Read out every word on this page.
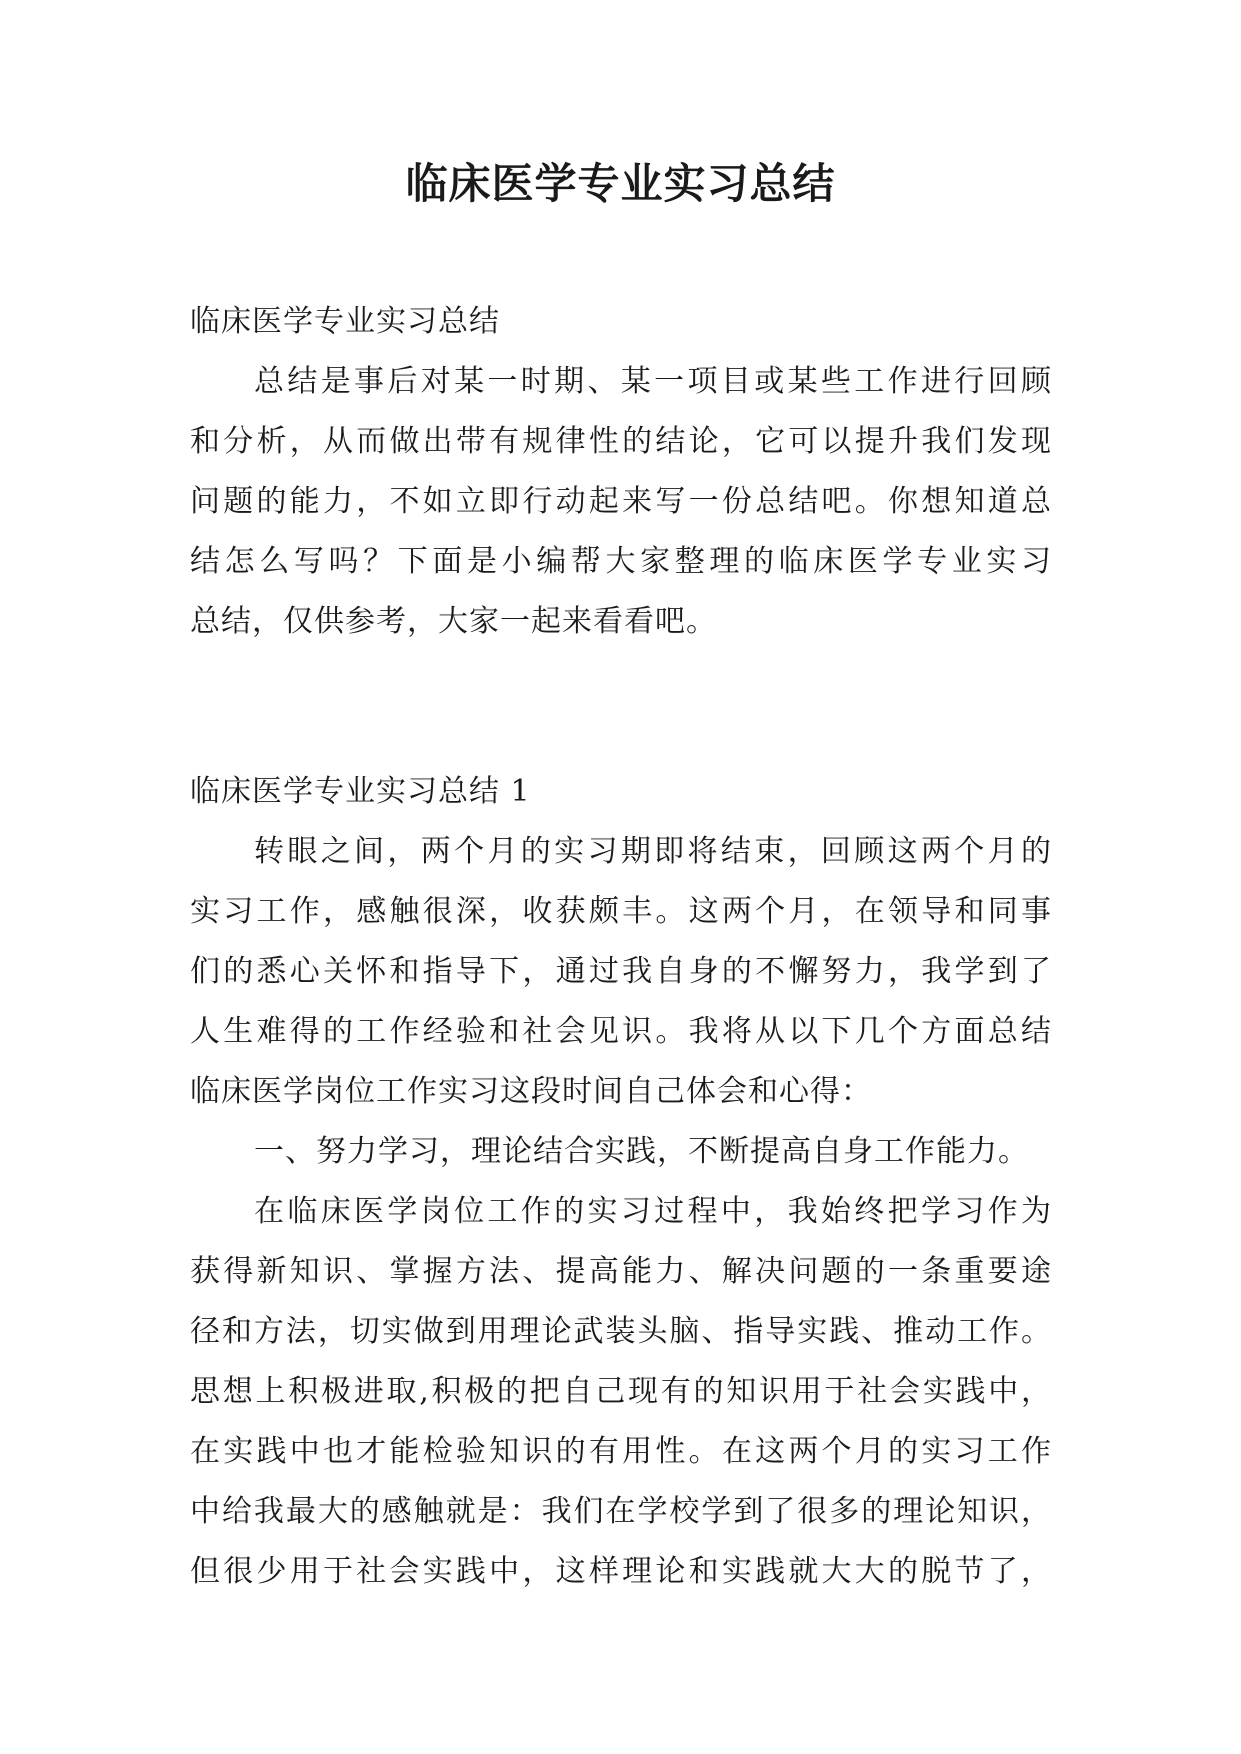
临床医学专业实习总结
临床医学专业实习总结
总结是事后对某一时期、某一项目或某些工作进行回顾
和分析，从而做出带有规律性的结论，它可以提升我们发现
问题的能力，不如立即行动起来写一份总结吧。你想知道总
结怎么写吗？下面是小编帮大家整理的临床医学专业实习
总结，仅供参考，大家一起来看看吧。
临床医学专业实习总结 1
转眼之间，两个月的实习期即将结束，回顾这两个月的
实习工作，感触很深，收获颇丰。这两个月，在领导和同事
们的悉心关怀和指导下，通过我自身的不懈努力，我学到了
人生难得的工作经验和社会见识。我将从以下几个方面总结
临床医学岗位工作实习这段时间自己体会和心得：
一、努力学习，理论结合实践，不断提高自身工作能力。
在临床医学岗位工作的实习过程中，我始终把学习作为
获得新知识、掌握方法、提高能力、解决问题的一条重要途
径和方法，切实做到用理论武装头脑、指导实践、推动工作。
思想上积极进取,积极的把自己现有的知识用于社会实践中，
在实践中也才能检验知识的有用性。在这两个月的实习工作
中给我最大的感触就是：我们在学校学到了很多的理论知识，
但很少用于社会实践中，这样理论和实践就大大的脱节了，
